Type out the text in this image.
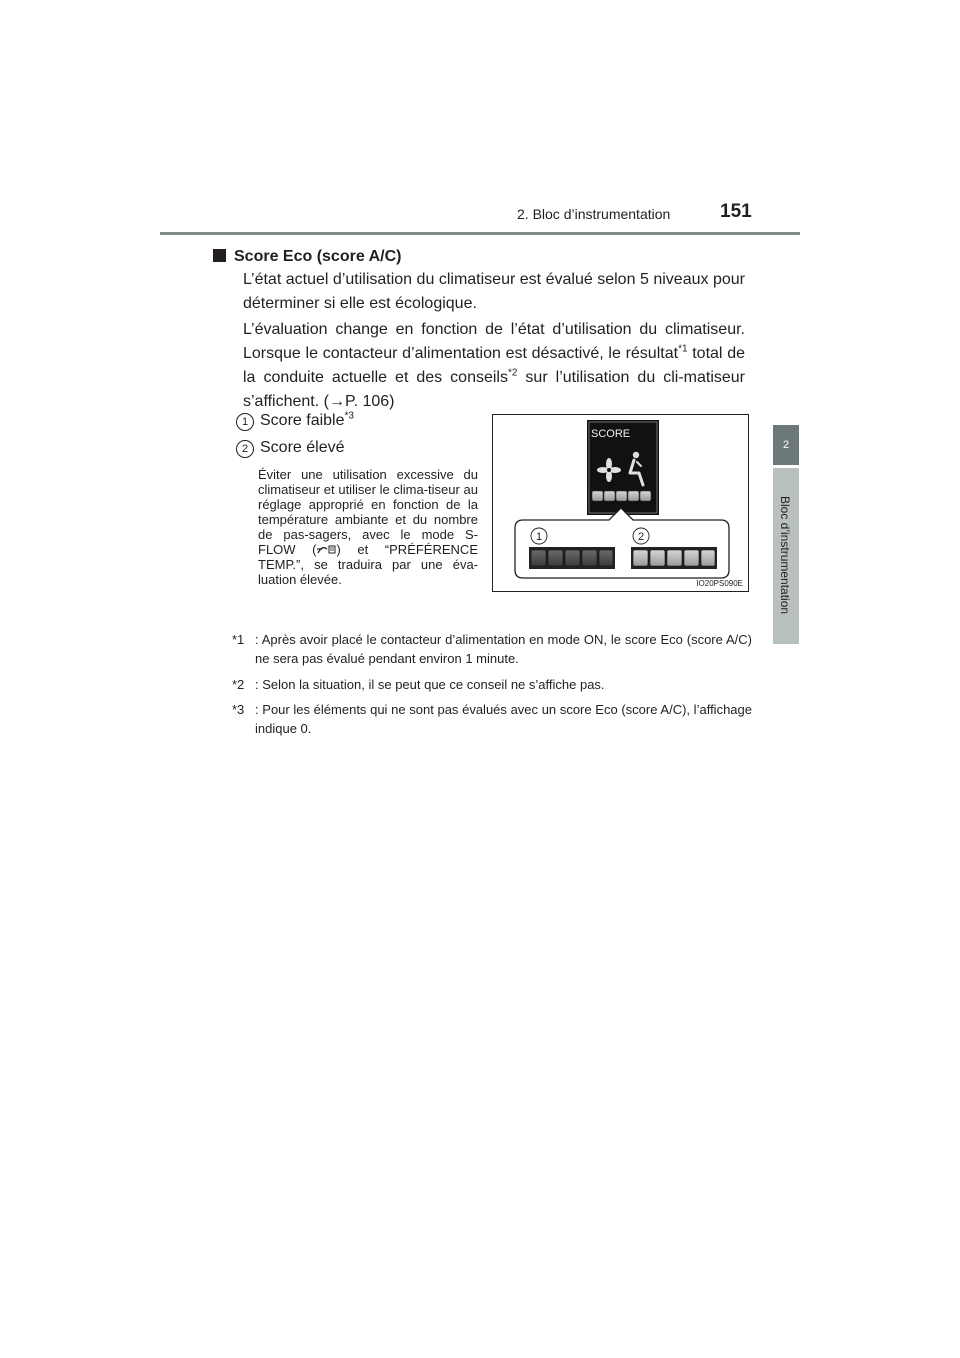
2. Bloc d’instrumentation	151
2
Bloc d’instrumentation
Score Eco (score A/C)
L’état actuel d’utilisation du climatiseur est évalué selon 5 niveaux pour déterminer si elle est écologique.
L’évaluation change en fonction de l’état d’utilisation du climatiseur. Lorsque le contacteur d’alimentation est désactivé, le résultat$^{*1}$ total de la conduite actuelle et des conseils$^{*2}$ sur l’utilisation du cli-matiseur s’affichent. (→P. 106)
1 Score faible$^{*3}$
2 Score élevé
Éviter une utilisation excessive du climatiseur et utiliser le clima-tiseur au réglage approprié en fonction de la température ambiante et du nombre de pas-sagers, avec le mode S-FLOW ( ) et “PRÉFÉRENCE TEMP.”, se traduira par une éva-luation élevée.
*1 : Après avoir placé le contacteur d’alimentation en mode ON, le score Eco (score A/C) ne sera pas évalué pendant environ 1 minute.
*2 : Selon la situation, il se peut que ce conseil ne s’affiche pas.
*3 : Pour les éléments qui ne sont pas évalués avec un score Eco (score A/C), l’affichage indique 0.
SCORE
1	2
IO20PS090E
